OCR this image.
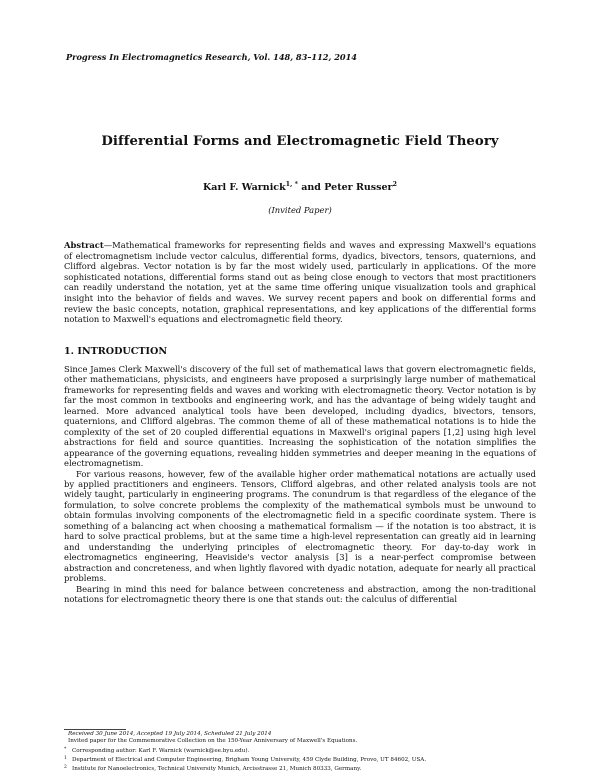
Progress In Electromagnetics Research, Vol. 148, 83–112, 2014
Differential Forms and Electromagnetic Field Theory
Karl F. Warnick$^{1, *}$ and Peter Russer$^2$
(Invited Paper)
Abstract—Mathematical frameworks for representing fields and waves and expressing Maxwell's equations of electromagnetism include vector calculus, differential forms, dyadics, bivectors, tensors, quaternions, and Clifford algebras. Vector notation is by far the most widely used, particularly in applications. Of the more sophisticated notations, differential forms stand out as being close enough to vectors that most practitioners can readily understand the notation, yet at the same time offering unique visualization tools and graphical insight into the behavior of fields and waves. We survey recent papers and book on differential forms and review the basic concepts, notation, graphical representations, and key applications of the differential forms notation to Maxwell's equations and electromagnetic field theory.
1. INTRODUCTION

Since James Clerk Maxwell's discovery of the full set of mathematical laws that govern electromagnetic fields, other mathematicians, physicists, and engineers have proposed a surprisingly large number of mathematical frameworks for representing fields and waves and working with electromagnetic theory. Vector notation is by far the most common in textbooks and engineering work, and has the advantage of being widely taught and learned. More advanced analytical tools have been developed, including dyadics, bivectors, tensors, quaternions, and Clifford algebras. The common theme of all of these mathematical notations is to hide the complexity of the set of 20 coupled differential equations in Maxwell's original papers [1,2] using high level abstractions for field and source quantities. Increasing the sophistication of the notation simplifies the appearance of the governing equations, revealing hidden symmetries and deeper meaning in the equations of electromagnetism.

For various reasons, however, few of the available higher order mathematical notations are actually used by applied practitioners and engineers. Tensors, Clifford algebras, and other related analysis tools are not widely taught, particularly in engineering programs. The conundrum is that regardless of the elegance of the formulation, to solve concrete problems the complexity of the mathematical symbols must be unwound to obtain formulas involving components of the electromagnetic field in a specific coordinate system. There is something of a balancing act when choosing a mathematical formalism — if the notation is too abstract, it is hard to solve practical problems, but at the same time a high-level representation can greatly aid in learning and understanding the underlying principles of electromagnetic theory. For day-to-day work in electromagnetics engineering, Heaviside's vector analysis [3] is a near-perfect compromise between abstraction and concreteness, and when lightly flavored with dyadic notation, adequate for nearly all practical problems.

Bearing in mind this need for balance between concreteness and abstraction, among the non-traditional notations for electromagnetic theory there is one that stands out: the calculus of differential

Received 30 June 2014, Accepted 19 July 2014, Scheduled 21 July 2014
Invited paper for the Commemorative Collection on the 150-Year Anniversary of Maxwell's Equations.
* Corresponding author: Karl F. Warnick (warnick@ee.byu.edu).
$^1$ Department of Electrical and Computer Engineering, Brigham Young University, 459 Clyde Building, Provo, UT 84602, USA.
$^2$ Institute for Nanoelectronics, Technical University Munich, Arcisstrasse 21, Munich 80333, Germany.
